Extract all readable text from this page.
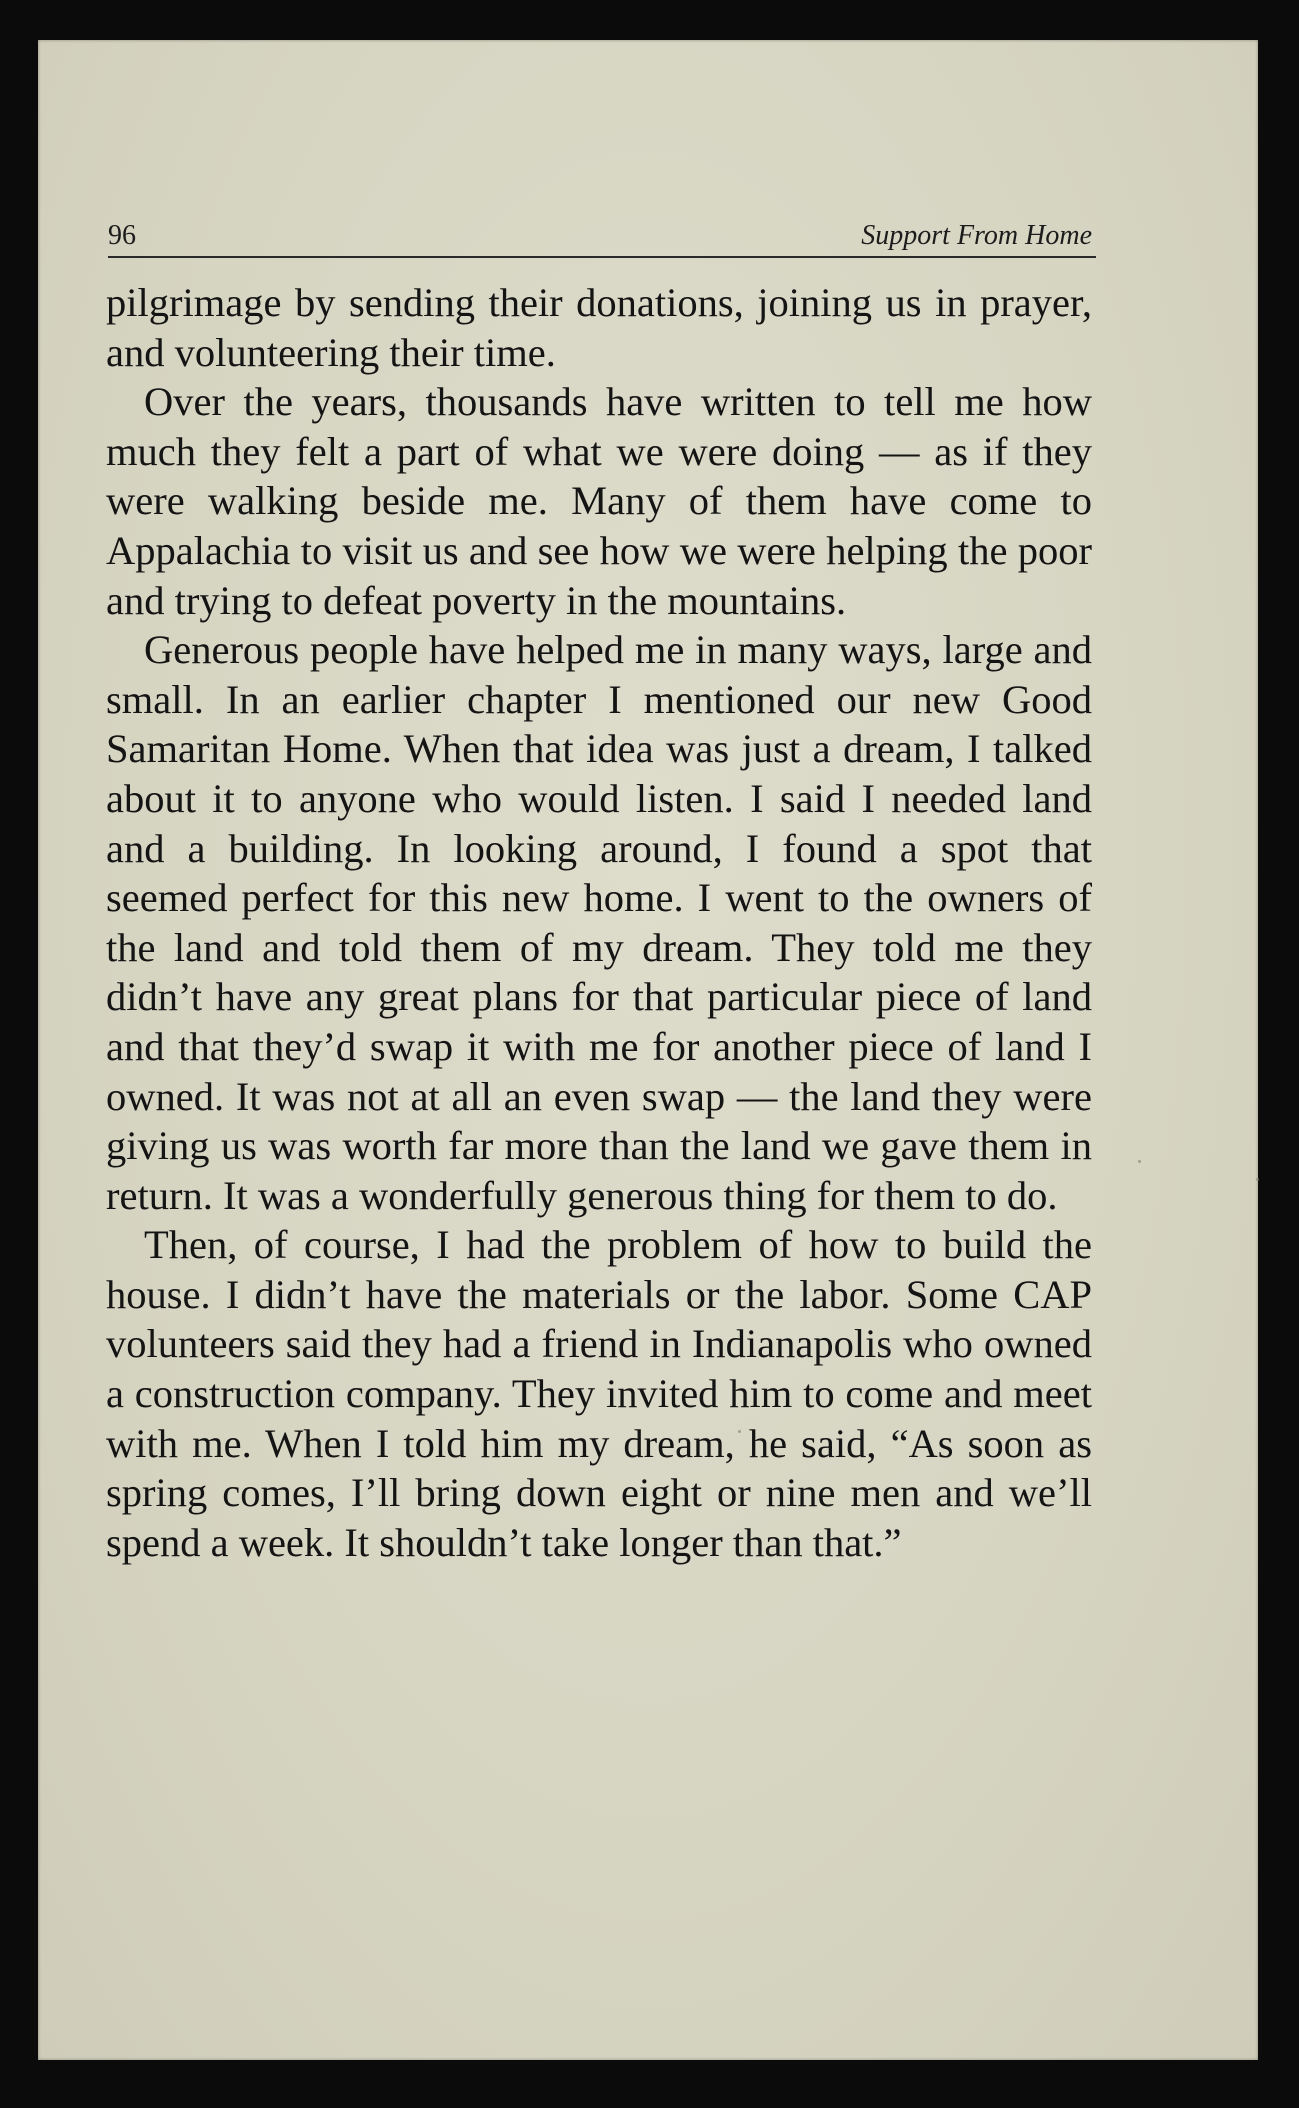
96	Support From Home

pilgrimage by sending their donations, joining us in prayer, and volunteering their time.

Over the years, thousands have written to tell me how much they felt a part of what we were doing — as if they were walking beside me. Many of them have come to Appalachia to visit us and see how we were helping the poor and trying to defeat poverty in the mountains.

Generous people have helped me in many ways, large and small. In an earlier chapter I mentioned our new Good Samaritan Home. When that idea was just a dream, I talked about it to anyone who would listen. I said I needed land and a building. In looking around, I found a spot that seemed perfect for this new home. I went to the owners of the land and told them of my dream. They told me they didn’t have any great plans for that particular piece of land and that they’d swap it with me for another piece of land I owned. It was not at all an even swap — the land they were giving us was worth far more than the land we gave them in return. It was a wonderfully generous thing for them to do.

Then, of course, I had the problem of how to build the house. I didn’t have the materials or the labor. Some CAP volunteers said they had a friend in Indianapolis who owned a construction company. They invited him to come and meet with me. When I told him my dream, he said, “As soon as spring comes, I’ll bring down eight or nine men and we’ll spend a week. It shouldn’t take longer than that.”
